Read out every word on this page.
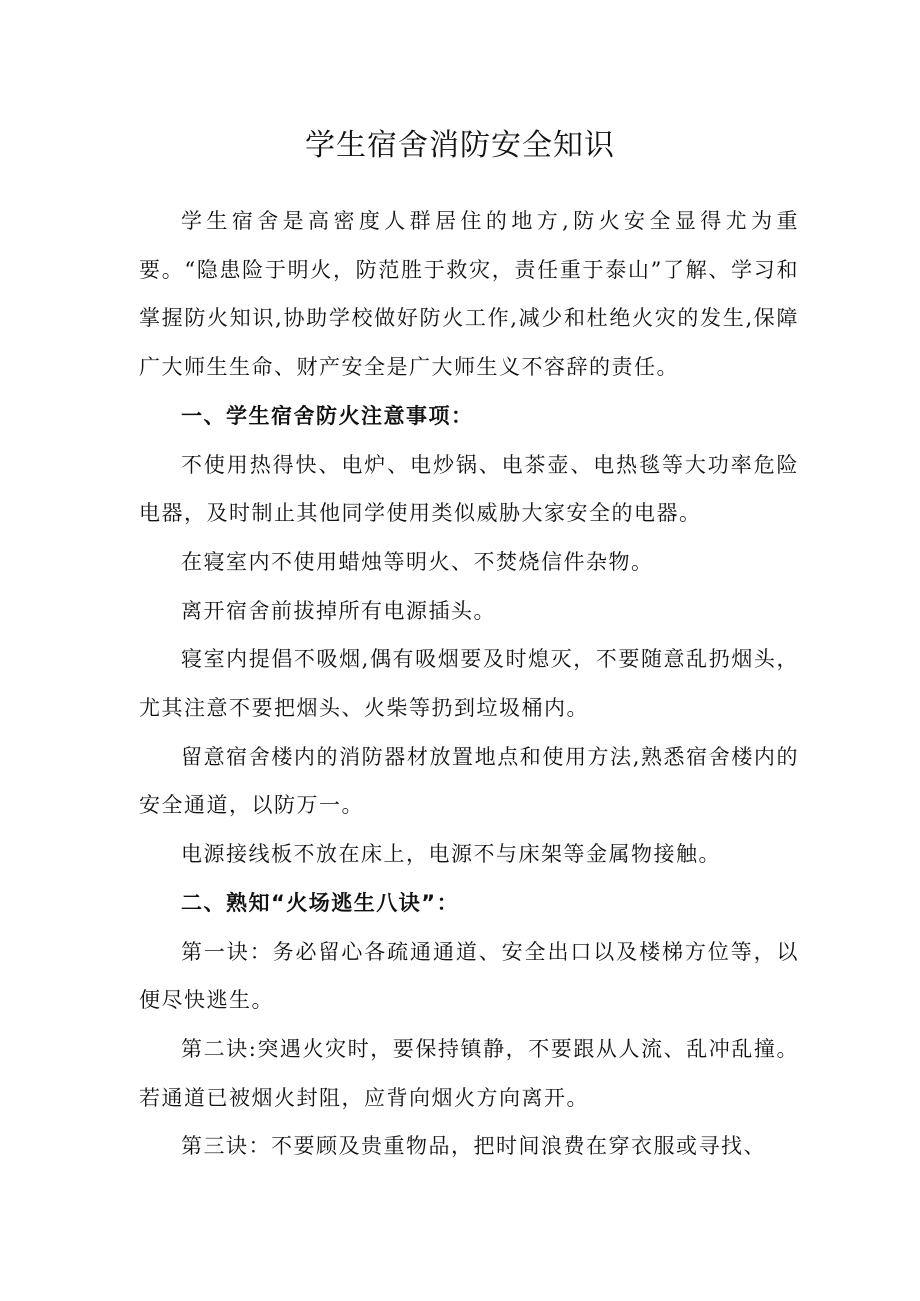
学生宿舍消防安全知识

学生宿舍是高密度人群居住的地方,防火安全显得尤为重要。“隐患险于明火，防范胜于救灾，责任重于泰山”了解、学习和掌握防火知识,协助学校做好防火工作,减少和杜绝火灾的发生,保障广大师生生命、财产安全是广大师生义不容辞的责任。

一、学生宿舍防火注意事项：

不使用热得快、电炉、电炒锅、电茶壶、电热毯等大功率危险电器，及时制止其他同学使用类似威胁大家安全的电器。

在寝室内不使用蜡烛等明火、不焚烧信件杂物。

离开宿舍前拔掉所有电源插头。

寝室内提倡不吸烟,偶有吸烟要及时熄灭，不要随意乱扔烟头，尤其注意不要把烟头、火柴等扔到垃圾桶内。

留意宿舍楼内的消防器材放置地点和使用方法,熟悉宿舍楼内的安全通道，以防万一。

电源接线板不放在床上，电源不与床架等金属物接触。

二、熟知“火场逃生八诀”：

第一诀：务必留心各疏通通道、安全出口以及楼梯方位等，以便尽快逃生。

第二诀:突遇火灾时，要保持镇静，不要跟从人流、乱冲乱撞。若通道已被烟火封阻，应背向烟火方向离开。

第三诀：不要顾及贵重物品，把时间浪费在穿衣服或寻找、
